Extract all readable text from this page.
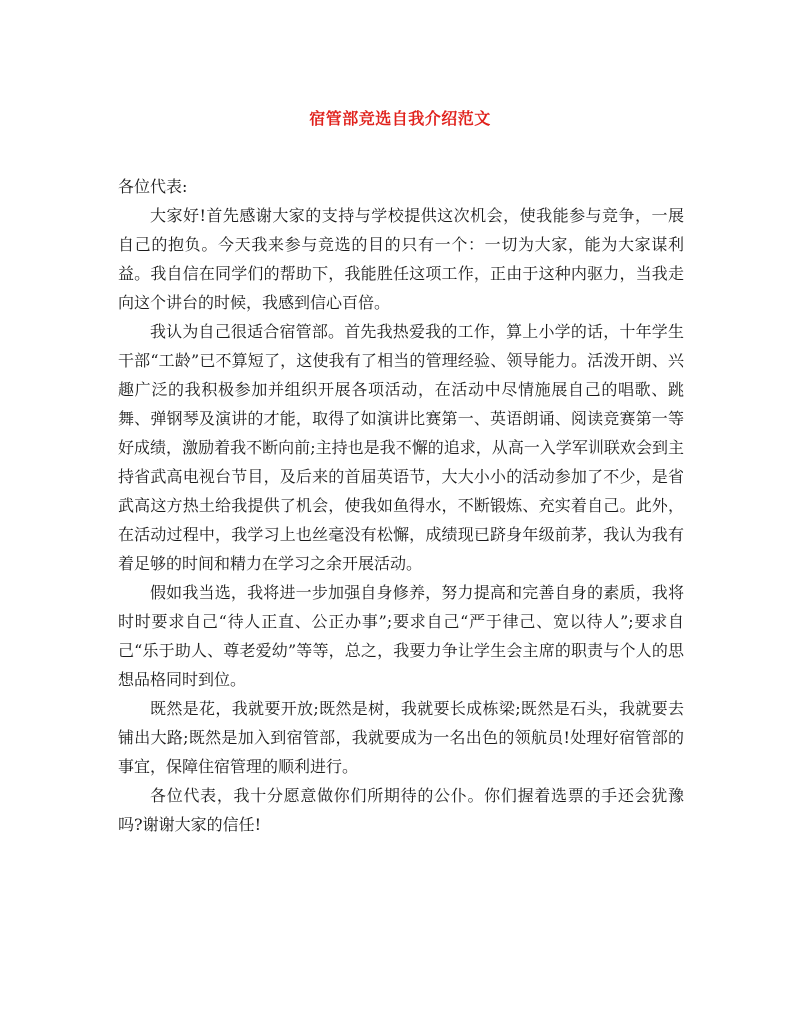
宿管部竞选自我介绍范文

各位代表:

大家好!首先感谢大家的支持与学校提供这次机会，使我能参与竞争，一展自己的抱负。今天我来参与竞选的目的只有一个：一切为大家，能为大家谋利益。我自信在同学们的帮助下，我能胜任这项工作，正由于这种内驱力，当我走向这个讲台的时候，我感到信心百倍。

我认为自己很适合宿管部。首先我热爱我的工作，算上小学的话，十年学生干部“工龄”已不算短了，这使我有了相当的管理经验、领导能力。活泼开朗、兴趣广泛的我积极参加并组织开展各项活动，在活动中尽情施展自己的唱歌、跳舞、弹钢琴及演讲的才能，取得了如演讲比赛第一、英语朗诵、阅读竞赛第一等好成绩，激励着我不断向前;主持也是我不懈的追求，从高一入学军训联欢会到主持省武高电视台节目，及后来的首届英语节，大大小小的活动参加了不少，是省武高这方热土给我提供了机会，使我如鱼得水，不断锻炼、充实着自己。此外，在活动过程中，我学习上也丝毫没有松懈，成绩现已跻身年级前茅，我认为我有着足够的时间和精力在学习之余开展活动。

假如我当选，我将进一步加强自身修养，努力提高和完善自身的素质，我将时时要求自己“待人正直、公正办事”;要求自己“严于律己、宽以待人”;要求自己“乐于助人、尊老爱幼”等等，总之，我要力争让学生会主席的职责与个人的思想品格同时到位。

既然是花，我就要开放;既然是树，我就要长成栋梁;既然是石头，我就要去铺出大路;既然是加入到宿管部，我就要成为一名出色的领航员!处理好宿管部的事宜，保障住宿管理的顺利进行。

各位代表，我十分愿意做你们所期待的公仆。你们握着选票的手还会犹豫吗?谢谢大家的信任!
